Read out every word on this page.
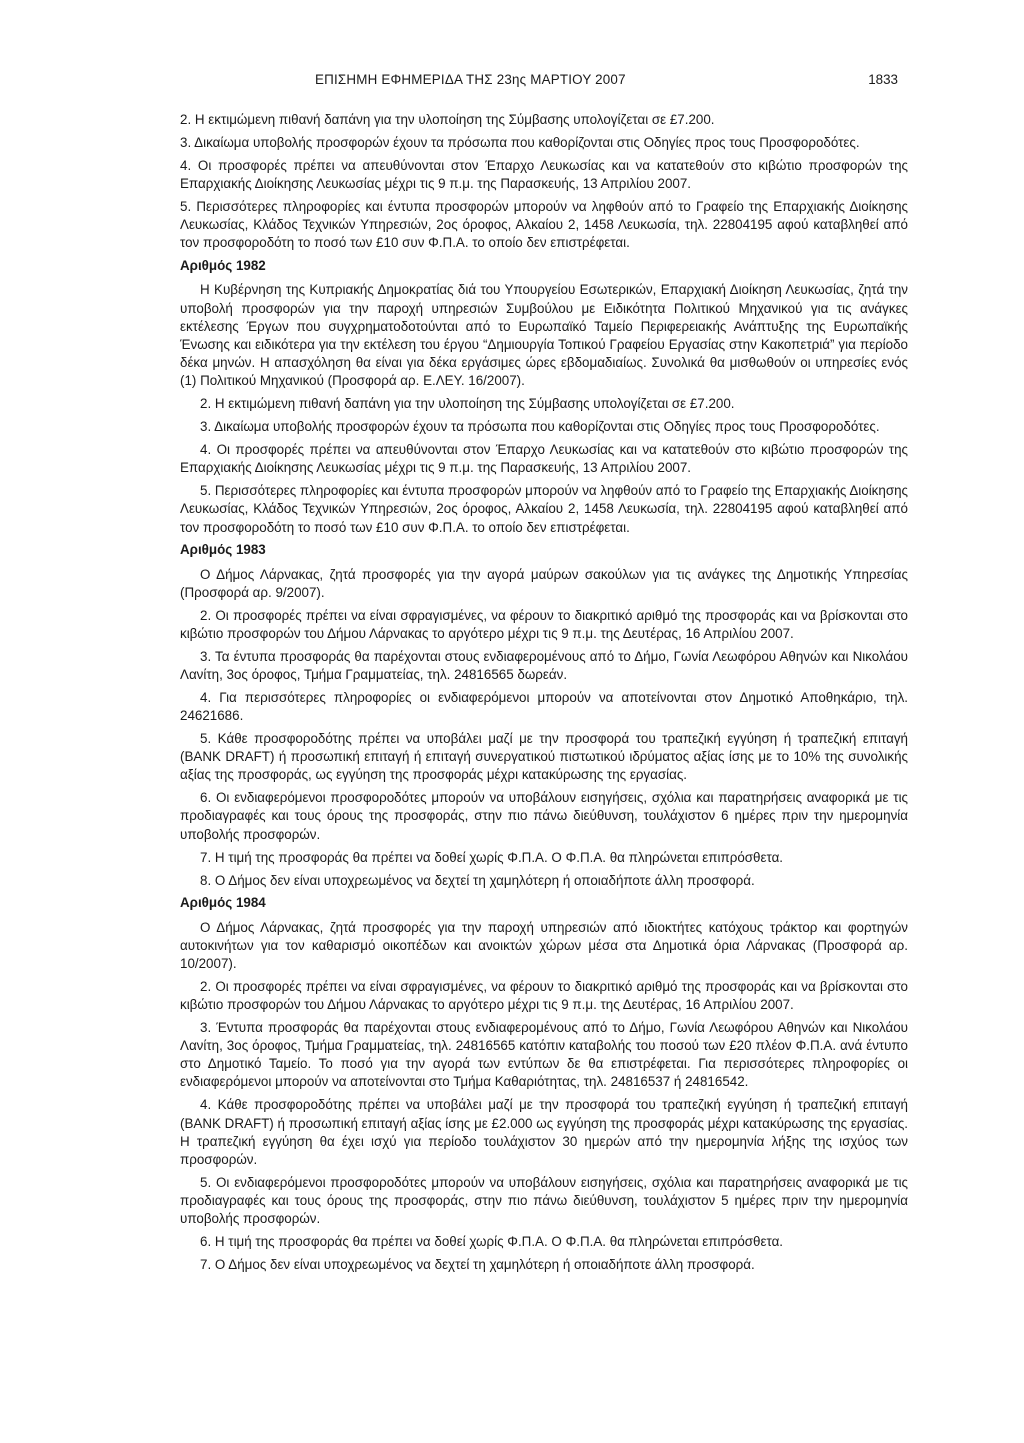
ΕΠΙΣΗΜΗ ΕΦΗΜΕΡΙΔΑ ΤΗΣ 23ης ΜΑΡΤΙΟΥ 2007	1833

2. Η εκτιμώμενη πιθανή δαπάνη για την υλοποίηση της Σύμβασης υπολογίζεται σε £7.200.

3. Δικαίωμα υποβολής προσφορών έχουν τα πρόσωπα που καθορίζονται στις Οδηγίες προς τους Προσφοροδότες.

4. Οι προσφορές πρέπει να απευθύνονται στον Έπαρχο Λευκωσίας και να κατατεθούν στο κιβώτιο προσφορών της Επαρχιακής Διοίκησης Λευκωσίας μέχρι τις 9 π.μ. της Παρασκευής, 13 Απριλίου 2007.

5. Περισσότερες πληροφορίες και έντυπα προσφορών μπορούν να ληφθούν από το Γραφείο της Επαρχιακής Διοίκησης Λευκωσίας, Κλάδος Τεχνικών Υπηρεσιών, 2ος όροφος, Αλκαίου 2, 1458 Λευκωσία, τηλ. 22804195 αφού καταβληθεί από τον προσφοροδότη το ποσό των £10 συν Φ.Π.Α. το οποίο δεν επιστρέφεται.

Αριθμός 1982

Η Κυβέρνηση της Κυπριακής Δημοκρατίας διά του Υπουργείου Εσωτερικών, Επαρχιακή Διοίκηση Λευκωσίας, ζητά την υποβολή προσφορών για την παροχή υπηρεσιών Συμβούλου με Ειδικότητα Πολιτικού Μηχανικού για τις ανάγκες εκτέλεσης Έργων που συγχρηματοδοτούνται από το Ευρωπαϊκό Ταμείο Περιφερειακής Ανάπτυξης της Ευρωπαϊκής Ένωσης και ειδικότερα για την εκτέλεση του έργου “Δημιουργία Τοπικού Γραφείου Εργασίας στην Κακοπετριά” για περίοδο δέκα μηνών. Η απασχόληση θα είναι για δέκα εργάσιμες ώρες εβδομαδιαίως. Συνολικά θα μισθωθούν οι υπηρεσίες ενός (1) Πολιτικού Μηχανικού (Προσφορά αρ. Ε.ΛΕΥ. 16/2007).

2. Η εκτιμώμενη πιθανή δαπάνη για την υλοποίηση της Σύμβασης υπολογίζεται σε £7.200.

3. Δικαίωμα υποβολής προσφορών έχουν τα πρόσωπα που καθορίζονται στις Οδηγίες προς τους Προσφοροδότες.

4. Οι προσφορές πρέπει να απευθύνονται στον Έπαρχο Λευκωσίας και να κατατεθούν στο κιβώτιο προσφορών της Επαρχιακής Διοίκησης Λευκωσίας μέχρι τις 9 π.μ. της Παρασκευής, 13 Απριλίου 2007.

5. Περισσότερες πληροφορίες και έντυπα προσφορών μπορούν να ληφθούν από το Γραφείο της Επαρχιακής Διοίκησης Λευκωσίας, Κλάδος Τεχνικών Υπηρεσιών, 2ος όροφος, Αλκαίου 2, 1458 Λευκωσία, τηλ. 22804195 αφού καταβληθεί από τον προσφοροδότη το ποσό των £10 συν Φ.Π.Α. το οποίο δεν επιστρέφεται.

Αριθμός 1983

Ο Δήμος Λάρνακας, ζητά προσφορές για την αγορά μαύρων σακούλων για τις ανάγκες της Δημοτικής Υπηρεσίας (Προσφορά αρ. 9/2007).

2. Οι προσφορές πρέπει να είναι σφραγισμένες, να φέρουν το διακριτικό αριθμό της προσφοράς και να βρίσκονται στο κιβώτιο προσφορών του Δήμου Λάρνακας το αργότερο μέχρι τις 9 π.μ. της Δευτέρας, 16 Απριλίου 2007.

3. Τα έντυπα προσφοράς θα παρέχονται στους ενδιαφερομένους από το Δήμο, Γωνία Λεωφόρου Αθηνών και Νικολάου Λανίτη, 3ος όροφος, Τμήμα Γραμματείας, τηλ. 24816565 δωρεάν.

4. Για περισσότερες πληροφορίες οι ενδιαφερόμενοι μπορούν να αποτείνονται στον Δημοτικό Αποθηκάριο, τηλ. 24621686.

5. Κάθε προσφοροδότης πρέπει να υποβάλει μαζί με την προσφορά του τραπεζική εγγύηση ή τραπεζική επιταγή (BANK DRAFT) ή προσωπική επιταγή ή επιταγή συνεργατικού πιστωτικού ιδρύματος αξίας ίσης με το 10% της συνολικής αξίας της προσφοράς, ως εγγύηση της προσφοράς μέχρι κατακύρωσης της εργασίας.

6. Οι ενδιαφερόμενοι προσφοροδότες μπορούν να υποβάλουν εισηγήσεις, σχόλια και παρατηρήσεις αναφορικά με τις προδιαγραφές και τους όρους της προσφοράς, στην πιο πάνω διεύθυνση, τουλάχιστον 6 ημέρες πριν την ημερομηνία υποβολής προσφορών.

7. Η τιμή της προσφοράς θα πρέπει να δοθεί χωρίς Φ.Π.Α. Ο Φ.Π.Α. θα πληρώνεται επιπρόσθετα.

8. Ο Δήμος δεν είναι υποχρεωμένος να δεχτεί τη χαμηλότερη ή οποιαδήποτε άλλη προσφορά.

Αριθμός 1984

Ο Δήμος Λάρνακας, ζητά προσφορές για την παροχή υπηρεσιών από ιδιοκτήτες κατόχους τράκτορ και φορτηγών αυτοκινήτων για τον καθαρισμό οικοπέδων και ανοικτών χώρων μέσα στα Δημοτικά όρια Λάρνακας (Προσφορά αρ. 10/2007).

2. Οι προσφορές πρέπει να είναι σφραγισμένες, να φέρουν το διακριτικό αριθμό της προσφοράς και να βρίσκονται στο κιβώτιο προσφορών του Δήμου Λάρνακας το αργότερο μέχρι τις 9 π.μ. της Δευτέρας, 16 Απριλίου 2007.

3. Έντυπα προσφοράς θα παρέχονται στους ενδιαφερομένους από το Δήμο, Γωνία Λεωφόρου Αθηνών και Νικολάου Λανίτη, 3ος όροφος, Τμήμα Γραμματείας, τηλ. 24816565 κατόπιν καταβολής του ποσού των £20 πλέον Φ.Π.Α. ανά έντυπο στο Δημοτικό Ταμείο. Το ποσό για την αγορά των εντύπων δε θα επιστρέφεται. Για περισσότερες πληροφορίες οι ενδιαφερόμενοι μπορούν να αποτείνονται στο Τμήμα Καθαριότητας, τηλ. 24816537 ή 24816542.

4. Κάθε προσφοροδότης πρέπει να υποβάλει μαζί με την προσφορά του τραπεζική εγγύηση ή τραπεζική επιταγή (BANK DRAFT) ή προσωπική επιταγή αξίας ίσης με £2.000 ως εγγύηση της προσφοράς μέχρι κατακύρωσης της εργασίας. Η τραπεζική εγγύηση θα έχει ισχύ για περίοδο τουλάχιστον 30 ημερών από την ημερομηνία λήξης της ισχύος των προσφορών.

5. Οι ενδιαφερόμενοι προσφοροδότες μπορούν να υποβάλουν εισηγήσεις, σχόλια και παρατηρήσεις αναφορικά με τις προδιαγραφές και τους όρους της προσφοράς, στην πιο πάνω διεύθυνση, τουλάχιστον 5 ημέρες πριν την ημερομηνία υποβολής προσφορών.

6. Η τιμή της προσφοράς θα πρέπει να δοθεί χωρίς Φ.Π.Α. Ο Φ.Π.Α. θα πληρώνεται επιπρόσθετα.

7. Ο Δήμος δεν είναι υποχρεωμένος να δεχτεί τη χαμηλότερη ή οποιαδήποτε άλλη προσφορά.
